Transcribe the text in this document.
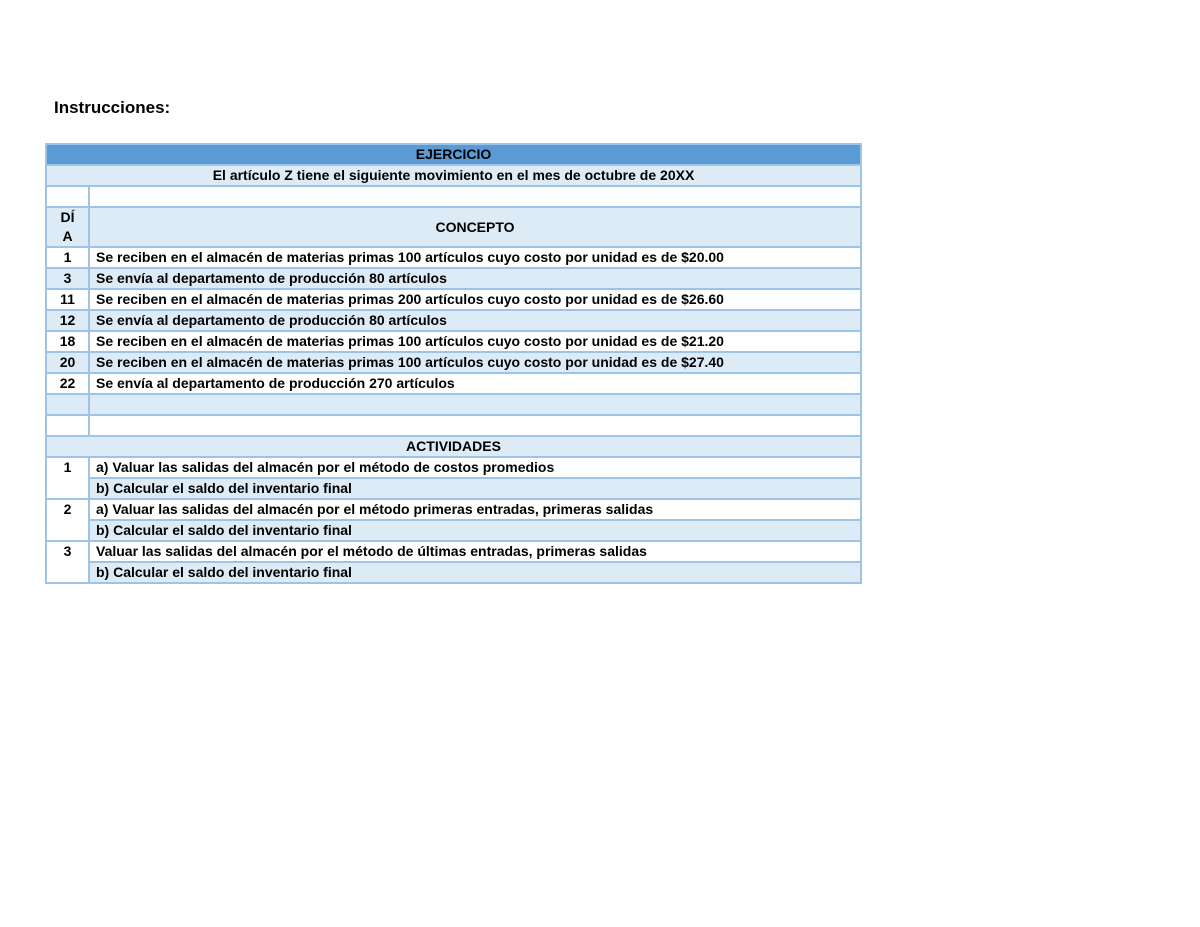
Instrucciones:
EJERCICIO	
El artículo Z tiene el siguiente movimiento en el mes de octubre de 20XX	

DÍ
A	CONCEPTO
1	Se reciben en el almacén de materias primas 100 artículos cuyo costo por unidad es de $20.00
3	Se envía al departamento de producción 80 artículos
11	Se reciben en el almacén de materias primas 200 artículos cuyo costo por unidad es de $26.60
12	Se envía al departamento de producción 80 artículos
18	Se reciben en el almacén de materias primas 100 artículos cuyo costo por unidad es de $21.20
20	Se reciben en el almacén de materias primas 100 artículos cuyo costo por unidad es de $27.40
22	Se envía al departamento de producción 270 artículos

ACTIVIDADES	
1	a) Valuar las salidas del almacén por el método de costos promedios
	b) Calcular el saldo del inventario final
2	a) Valuar las salidas del almacén por el método primeras entradas, primeras salidas
	b) Calcular el saldo del inventario final
3	Valuar las salidas del almacén por el método de últimas entradas, primeras salidas
	b) Calcular el saldo del inventario final
